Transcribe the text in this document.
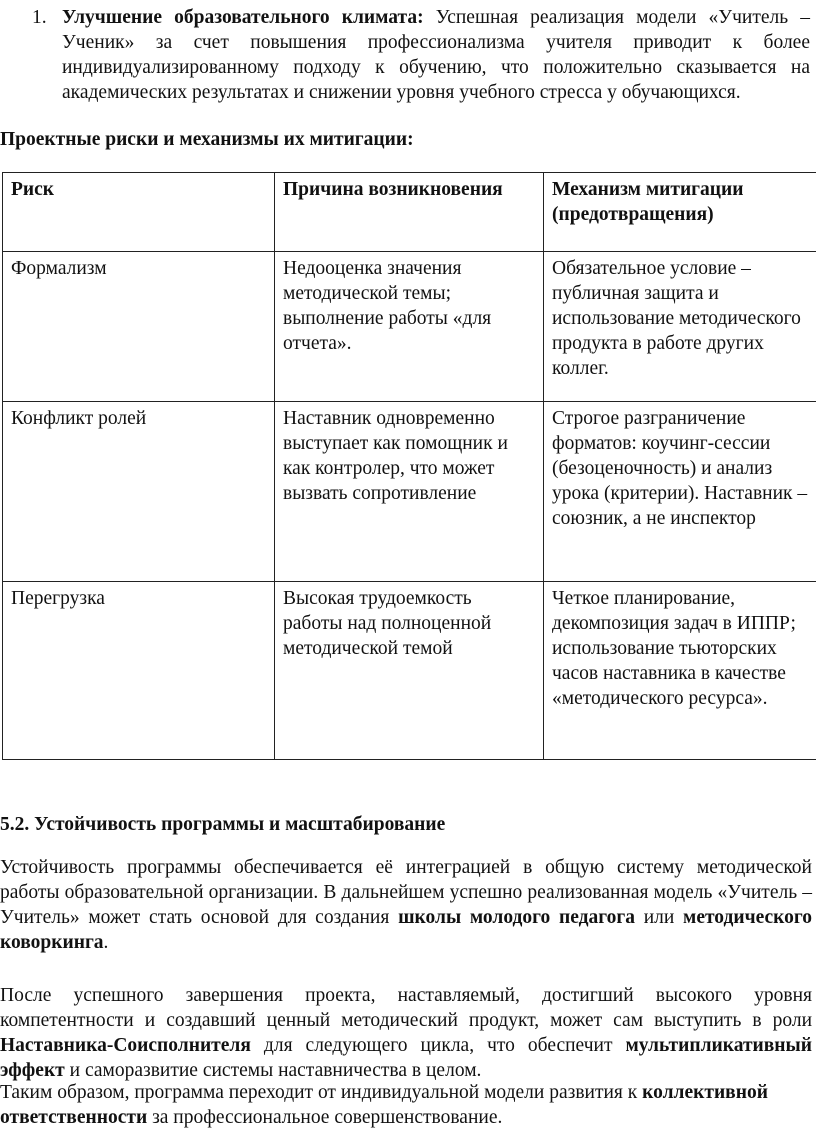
1. Улучшение образовательного климата: Успешная реализация модели «Учитель – Ученик» за счет повышения профессионализма учителя приводит к более индивидуализированному подходу к обучению, что положительно сказывается на академических результатах и снижении уровня учебного стресса у обучающихся.
Проектные риски и механизмы их митигации:
Риск	Причина возникновения	Механизм митигации (предотвращения)
Формализм	Недооценка значения методической темы; выполнение работы «для отчета».	Обязательное условие – публичная защита и использование методического продукта в работе других коллег.
Конфликт ролей	Наставник одновременно выступает как помощник и как контролер, что может вызвать сопротивление	Строгое разграничение форматов: коучинг-сессии (безоценочность) и анализ урока (критерии). Наставник – союзник, а не инспектор
Перегрузка	Высокая трудоемкость работы над полноценной методической темой	Четкое планирование, декомпозиция задач в ИППР; использование тьюторских часов наставника в качестве «методического ресурса».
5.2. Устойчивость программы и масштабирование
Устойчивость программы обеспечивается её интеграцией в общую систему методической работы образовательной организации. В дальнейшем успешно реализованная модель «Учитель – Учитель» может стать основой для создания школы молодого педагога или методического коворкинга.
После успешного завершения проекта, наставляемый, достигший высокого уровня компетентности и создавший ценный методический продукт, может сам выступить в роли Наставника-Соисполнителя для следующего цикла, что обеспечит мультипликативный эффект и саморазвитие системы наставничества в целом.
Таким образом, программа переходит от индивидуальной модели развития к коллективной ответственности за профессиональное совершенствование.
